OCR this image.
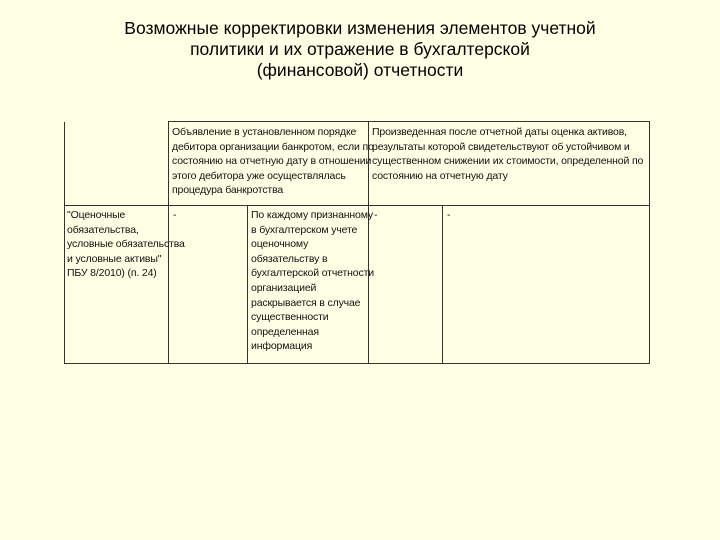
Возможные корректировки изменения элементов учетной
политики и их отражение в бухгалтерской
(финансовой) отчетности
Объявление в установленном порядке
дебитора организации банкротом, если по
состоянию на отчетную дату в отношении
этого дебитора уже осуществлялась
процедура банкротства
Произведенная после отчетной даты оценка активов,
результаты которой свидетельствуют об устойчивом и
существенном снижении их стоимости, определенной по
состоянию на отчетную дату
"Оценочные
обязательства,
условные обязательства
и условные активы"
ПБУ 8/2010) (п. 24)
-	По каждому признанному
в бухгалтерском учете
оценочному
обязательству в
бухгалтерской отчетности
организацией
раскрывается в случае
существенности
определенная
информация
-	-
